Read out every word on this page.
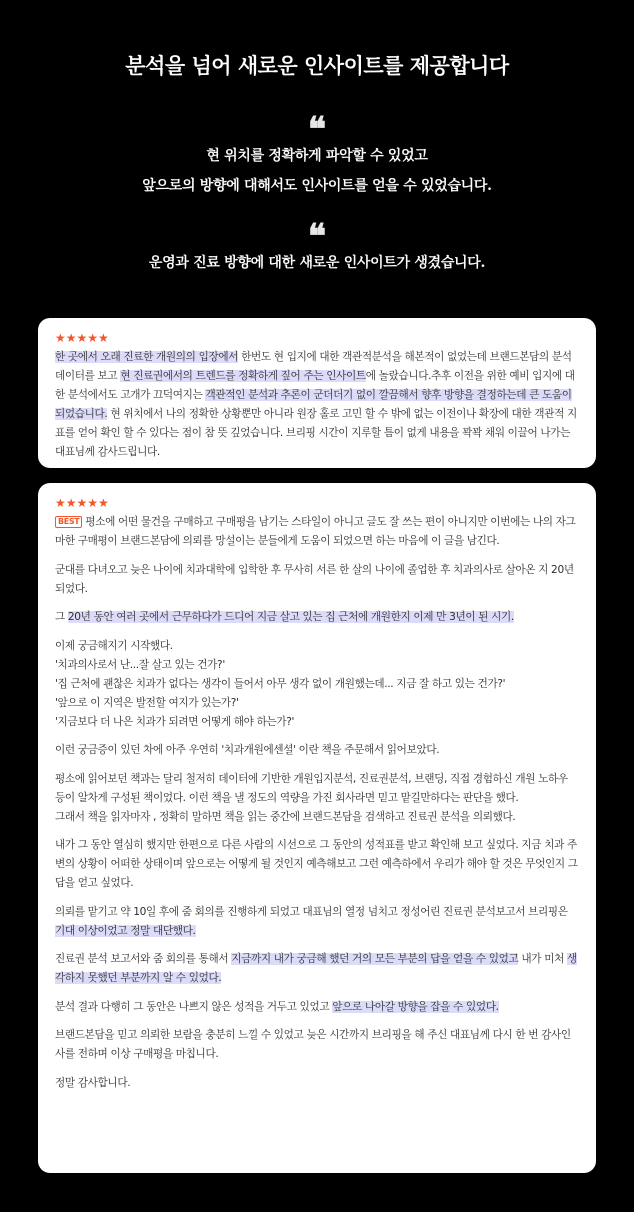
분석을 넘어 새로운 인사이트를 제공합니다
❝
현 위치를 정확하게 파악할 수 있었고
앞으로의 방향에 대해서도 인사이트를 얻을 수 있었습니다.
❝
운영과 진료 방향에 대한 새로운 인사이트가 생겼습니다.
★★★★★
한 곳에서 오래 진료한 개원의의 입장에서 한번도 현 입지에 대한 객관적분석을 해본적이 없었는데 브랜드본담의 분석 데이터를 보고 현 진료권에서의 트렌드를 정확하게 짚어 주는 인사이트에 놀랐습니다.추후 이전을 위한 예비 입지에 대한 분석에서도 고개가 끄덕여지는 객관적인 분석과 추론이 군더더기 없이 깔끔해서 향후 방향을 결정하는데 큰 도움이 되었습니다. 현 위치에서 나의 정확한 상황뿐만 아니라 원장 홀로 고민 할 수 밖에 없는 이전이나 확장에 대한 객관적 지표를 얻어 확인 할 수 있다는 점이 참 뜻 깊었습니다. 브리핑 시간이 지루할 틈이 없게 내용을 꽉꽉 채워 이끌어 나가는 대표님께 감사드립니다.
★★★★★
BEST 평소에 어떤 물건을 구매하고 구매평을 남기는 스타일이 아니고 글도 잘 쓰는 편이 아니지만 이번에는 나의 자그마한 구매평이 브랜드본담에 의뢰를 망설이는 분들에게 도움이 되었으면 하는 마음에 이 글을 남긴다.
군대를 다녀오고 늦은 나이에 치과대학에 입학한 후 무사히 서른 한 살의 나이에 졸업한 후 치과의사로 살아온 지 20년 되었다.
그 20년 동안 여러 곳에서 근무하다가 드디어 지금 살고 있는 집 근처에 개원한지 이제 만 3년이 된 시기.
이제 궁금해지기 시작했다.
'치과의사로서 난...잘 살고 있는 건가?'
'집 근처에 괜찮은 치과가 없다는 생각이 들어서 아무 생각 없이 개원했는데... 지금 잘 하고 있는 건가?'
'앞으로 이 지역은 발전할 여지가 있는가?'
'지금보다 더 나은 치과가 되려면 어떻게 해야 하는가?'
이런 궁금증이 있던 차에 아주 우연히 '치과개원에센셜' 이란 책을 주문해서 읽어보았다.
평소에 읽어보던 책과는 달리 철저히 데이터에 기반한 개원입지분석, 진료권분석, 브랜딩, 직접 경험하신 개원 노하우 등이 알차게 구성된 책이었다. 이런 책을 낼 정도의 역량을 가진 회사라면 믿고 맡길만하다는 판단을 했다.
그래서 책을 읽자마자 , 정확히 말하면 책을 읽는 중간에 브랜드본담을 검색하고 진료권 분석을 의뢰했다.
내가 그 동안 열심히 했지만 한편으로 다른 사람의 시선으로 그 동안의 성적표를 받고 확인해 보고 싶었다. 지금 치과 주변의 상황이 어떠한 상태이며 앞으로는 어떻게 될 것인지 예측해보고 그런 예측하에서 우리가 해야 할 것은 무엇인지 그 답을 얻고 싶었다.
의뢰를 맡기고 약 10일 후에 줌 회의를 진행하게 되었고 대표님의 열정 넘치고 정성어린 진료권 분석보고서 브리핑은 기대 이상이었고 정말 대단했다.
진료권 분석 보고서와 줌 회의를 통해서 지금까지 내가 궁금해 했던 거의 모든 부분의 답을 얻을 수 있었고 내가 미처 생각하지 못했던 부분까지 알 수 있었다.
분석 결과 다행히 그 동안은 나쁘지 않은 성적을 거두고 있었고 앞으로 나아갈 방향을 잡을 수 있었다.
브랜드본담을 믿고 의뢰한 보람을 충분히 느낄 수 있었고 늦은 시간까지 브리핑을 해 주신 대표님께 다시 한 번 감사인사를 전하며 이상 구매평을 마칩니다.
정말 감사합니다.
